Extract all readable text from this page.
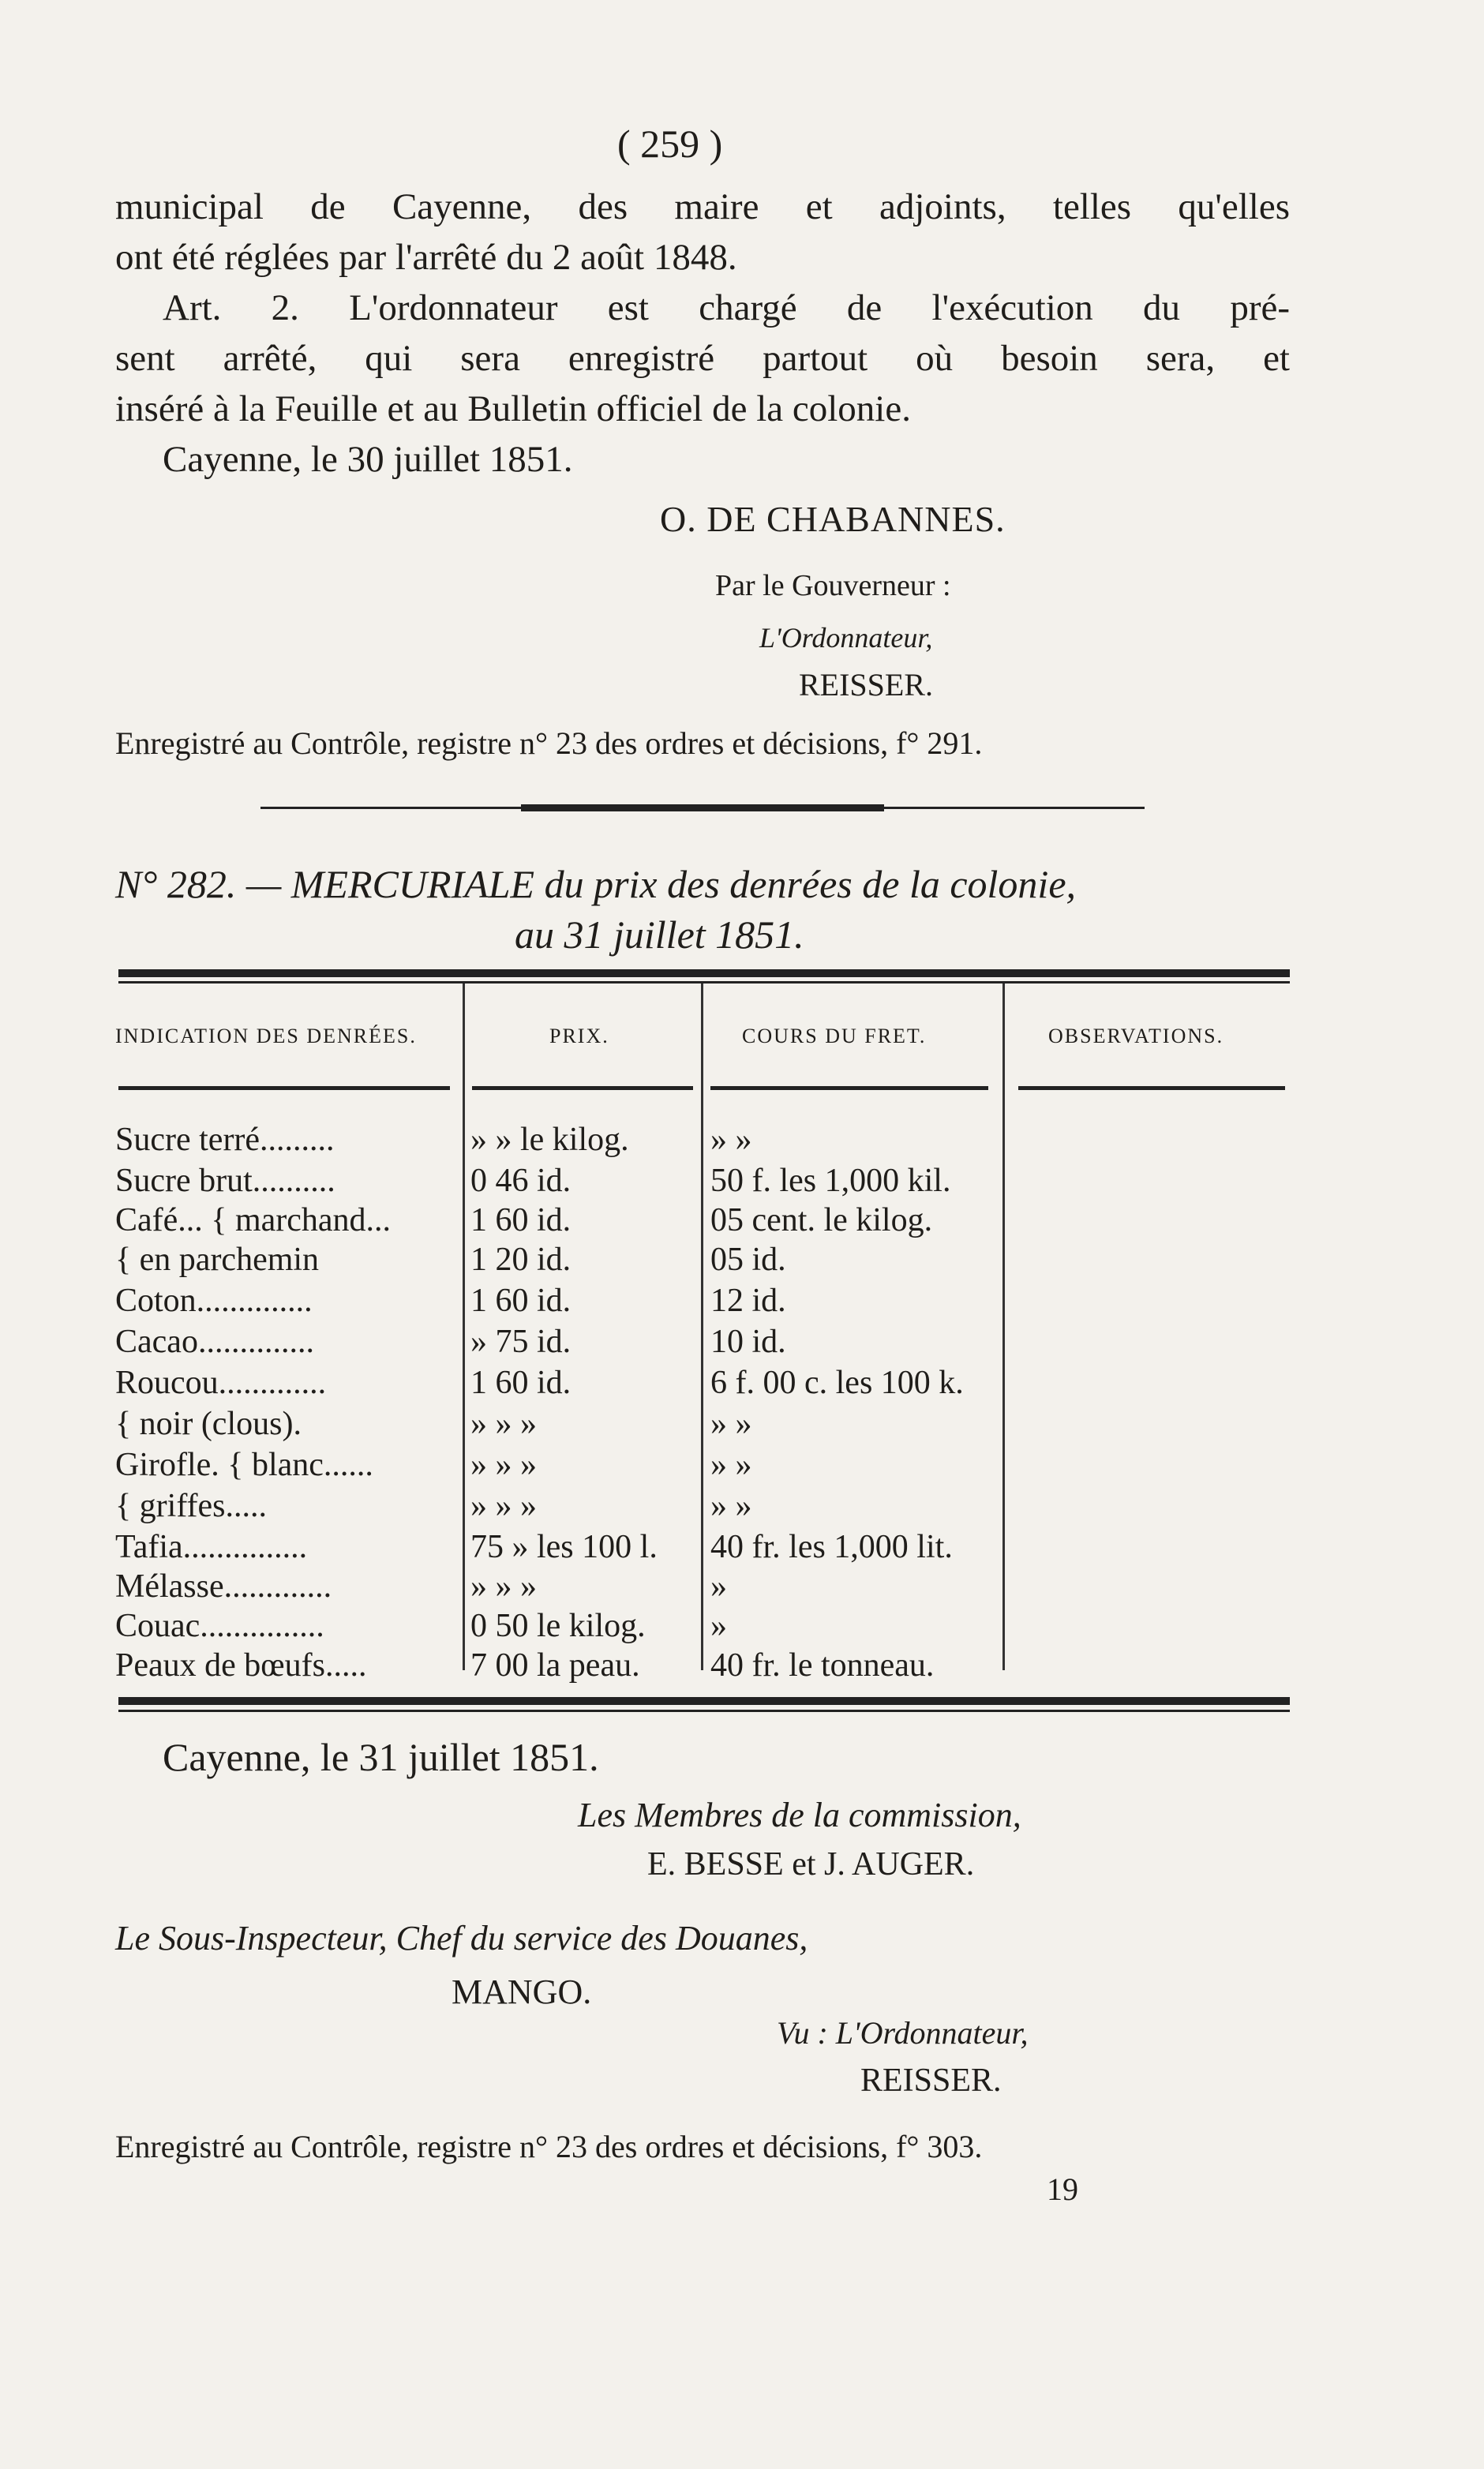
( 259 )
municipal de Cayenne, des maire et adjoints, telles qu'elles
ont été réglées par l'arrêté du 2 août 1848.
Art. 2. L'ordonnateur est chargé de l'exécution du pré-
sent arrêté, qui sera enregistré partout où besoin sera, et
inséré à la Feuille et au Bulletin officiel de la colonie.
Cayenne, le 30 juillet 1851.
O. DE CHABANNES.
Par le Gouverneur :
L'Ordonnateur,
REISSER.
Enregistré au Contrôle, registre n° 23 des ordres et décisions, f° 291.
N° 282. — MERCURIALE du prix des denrées de la colonie,
au 31 juillet 1851.
INDICATION DES DENRÉES.	PRIX.	COURS DU FRET.	OBSERVATIONS.
Sucre terré.........	» » le kilog.	» »
Sucre brut..........	0 46 id.	50 f. les 1,000 kil.
Café... { marchand...	1 60 id.	05 cent. le kilog.
{ en parchemin	1 20 id.	05 id.
Coton..............	1 60 id.	12 id.
Cacao..............	» 75 id.	10 id.
Roucou.............	1 60 id.	6 f. 00 c. les 100 k.
{ noir (clous).	» » »	» »
Girofle. { blanc......	» » »	» »
{ griffes.....	» » »	» »
Tafia...............	75 » les 100 l.	40 fr. les 1,000 lit.
Mélasse.............	» » »	»
Couac...............	0 50 le kilog.	»
Peaux de bœufs.....	7 00 la peau.	40 fr. le tonneau.
Cayenne, le 31 juillet 1851.
Les Membres de la commission,
E. BESSE et J. AUGER.
Le Sous-Inspecteur, Chef du service des Douanes,
MANGO.
Vu : L'Ordonnateur,
REISSER.
Enregistré au Contrôle, registre n° 23 des ordres et décisions, f° 303.
19
